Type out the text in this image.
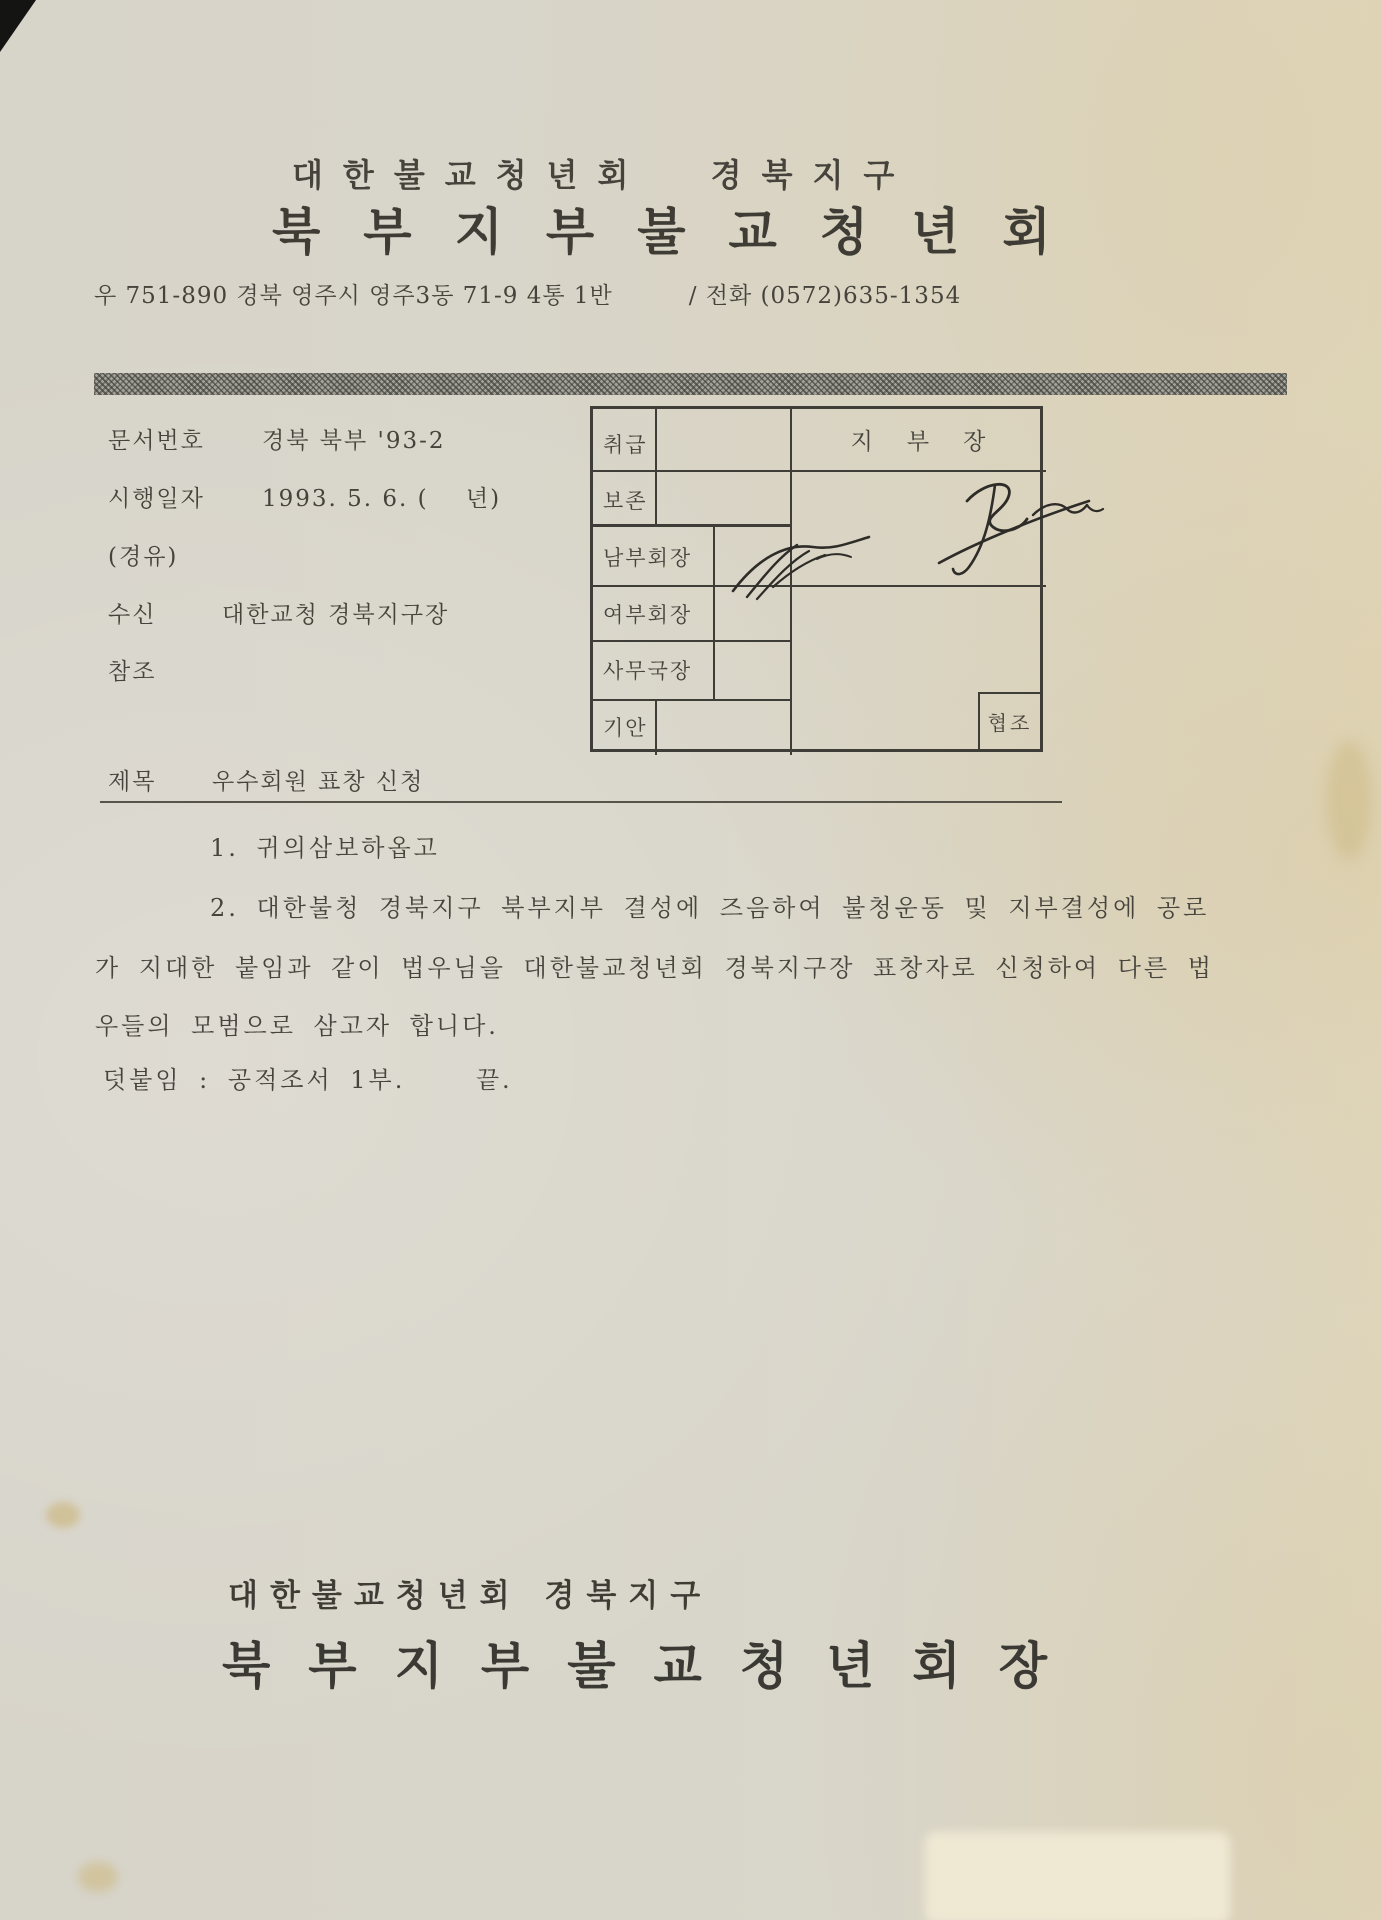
대한불교청년회  경북지구
북부지부불교청년회
우 751-890 경북 영주시 영주3동 71-9 4통 1반	/ 전화 (0572)635-1354
문서번호 경북 북부 '93-2
시행일자 1993. 5. 6. (    년)
(경유)
수신	대한교청 경북지구장
참조
취급
보존
남부회장
여부회장
사무국장
기안
지부장
협조
제목 우수회원 표창 신청
1. 귀의삼보하옵고
2. 대한불청 경북지구 북부지부 결성에 즈음하여 불청운동 및 지부결성에 공로
가 지대한 붙임과 같이 법우님을 대한불교청년회 경북지구장 표창자로 신청하여 다른 법
우들의 모범으로 삼고자 합니다.
덧붙임 : 공적조서 1부.    끝.
대한불교청년회 경북지구
북부지부불교청년회장
